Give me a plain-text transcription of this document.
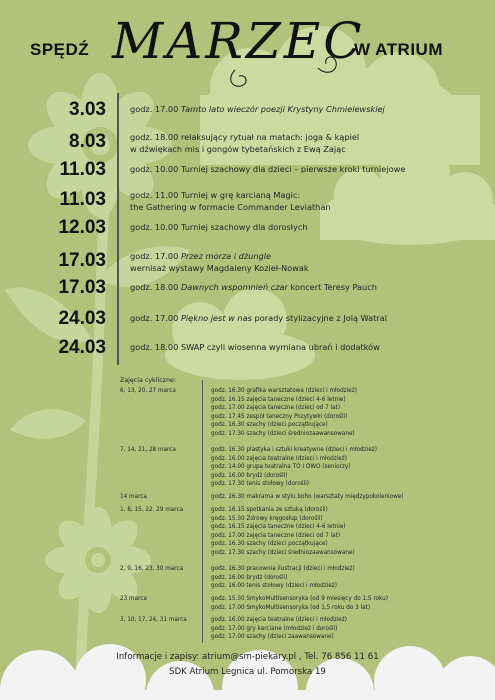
SPĘDŹ MARZEC
W ATRIUM
3.03	godz. 17.00 Tamto lato wieczór poezji Krystyny Chmielewskiej
8.03	godz. 18.00 relaksujący rytuał na matach: joga & kąpiel
w dźwiękach mis i gongów tybetańskich z Ewą Zając
11.03	godz. 10.00 Turniej szachowy dla dzieci – pierwsze kroki turniejowe
11.03	godz. 11.00 Turniej w grę karcianą Magic:
the Gathering w formacie Commander Leviathan
12.03	godz. 10.00 Turniej szachowy dla dorosłych
17.03	godz. 17.00 Przez morza i dżungle
wernisaż wystawy Magdaleny Kozieł-Nowak
17.03	godz. 18.00 Dawnych wspomnień czar koncert Teresy Pauch
24.03	godz. 17.00 Piękno jest w nas porady stylizacyjne z Jolą Watral
24.03	godz. 18.00 SWAP czyli wiosenna wymiana ubrań i dodatków
Zajęcia cykliczne:
6, 13, 20, 27 marca	godz. 16.30 grafika warsztatowa (dzieci i młodzież)
godz. 16.15 zajęcia taneczne (dzieci 4-6 letnie)
godz. 17.00 zajęcia taneczne (dzieci od 7 lat)
godz. 17.45 zespół taneczny Pozytywki (dorośli)
godz. 16.30 szachy (dzieci początkujące)
godz. 17.30 szachy (dzieci średniozaawansowane)
7, 14, 21, 28 marca	godz. 16.30 plastyka i sztuki kreatywne (dzieci i młodzież)
godz. 16.00 zajęcia teatralne (dzieci i młodzież)
godz. 14.00 grupa teatralna TO I OWO (seniorzy)
godz. 16.00 brydż (dorośli)
godz. 17.30 tenis stołowy (dorośli)
14 marca	godz. 16.30 makrama w stylu boho (warsztaty międzypokoleniowe)
1, 8, 15, 22, 29 marca	godz. 16.15 spotkania ze sztuką (dorośli)
godz. 15.30 Zdrowy kręgosłup (dorośli)
godz. 16.15 zajęcia taneczne (dzieci 4-6 letnie)
godz. 17.00 zajęcia taneczne (dzieci od 7 lat)
godz. 16.30 szachy (dzieci początkujące)
godz. 17.30 szachy (dzieci średniozaawansowane)
2, 9, 16, 23, 30 marca	godz. 16.30 pracownia ilustracji (dzieci i młodzież)
godz. 16.00 brydż (dorośli)
godz. 16.00 tenis stołowy (dzieci i młodzież)
23 marca	godz. 15.30 SmykoMultisensoryka (od 9 miesięcy do 1,5 roku)
godz. 17.00 SmykoMultisensoryka (od 1,5 roku do 3 lat)
3, 10, 17, 24, 31 marca	godz. 16.00 zajęcia teatralne (dzieci i młodzież)
godz. 17.00 gry karciane (młodzież i dorośli)
godz. 17.00 szachy (dzieci zaawansowane)
Informacje i zapisy: atrium@sm-piekary.pl , Tel. 76 856 11 61
SDK Atrium Legnica ul. Pomorska 19
